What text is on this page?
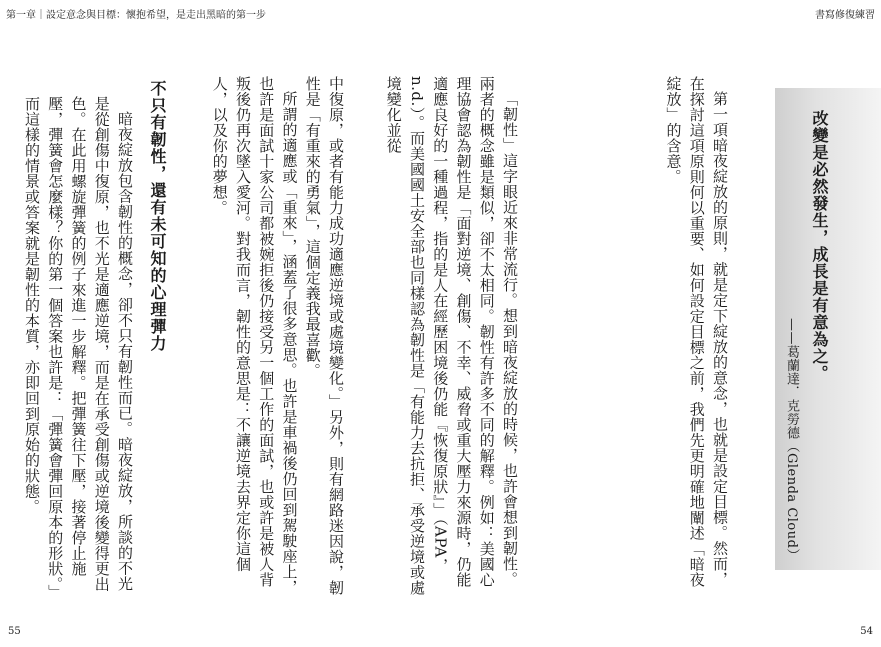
第一章｜設定意念與目標：懷抱希望，是走出黑暗的第一步	書寫修復練習

中復原，或者有能力成功適應逆境或處境變化。」另外，則有網路迷因說，韌性是「有重來的勇氣」，這個定義我最喜歡。

所謂的適應或「重來」，涵蓋了很多意思。也許是車禍後仍回到駕駛座上，也許是面試十家公司都被婉拒後仍接受另一個工作的面試，也或許是被人背叛後仍再次墜入愛河。對我而言，韌性的意思是：不讓逆境去界定你這個人，以及你的夢想。

不只有韌性，還有未可知的心理彈力

暗夜綻放包含韌性的概念，卻不只有韌性而已。暗夜綻放，所談的不光是從創傷中復原，也不光是適應逆境，而是在承受創傷或逆境後變得更出色。在此用螺旋彈簧的例子來進一步解釋。把彈簧往下壓，接著停止施壓，彈簧會怎麼樣？你的第一個答案也許是：「彈簧會彈回原本的形狀。」而這樣的情景或答案就是韌性的本質，亦即回到原始的狀態。	改變是必然發生，成長是有意為之。
——葛蘭達．克勞德（Glenda Cloud）

第一項暗夜綻放的原則，就是定下綻放的意念，也就是設定目標。然而，在探討這項原則何以重要、如何設定目標之前，我們先更明確地闡述「暗夜綻放」的含意。

「韌性」這字眼近來非常流行。想到暗夜綻放的時候，也許會想到韌性。兩者的概念雖是類似，卻不太相同。韌性有許多不同的解釋。例如：美國心理協會認為韌性是「面對逆境、創傷、不幸、威脅或重大壓力來源時，仍能適應良好的一種過程，指的是人在經歷困境後仍能『恢復原狀』」（APA，n.d.）。而美國國土安全部也同樣認為韌性是「有能力去抗拒、承受逆境或處境變化並從

55	54
